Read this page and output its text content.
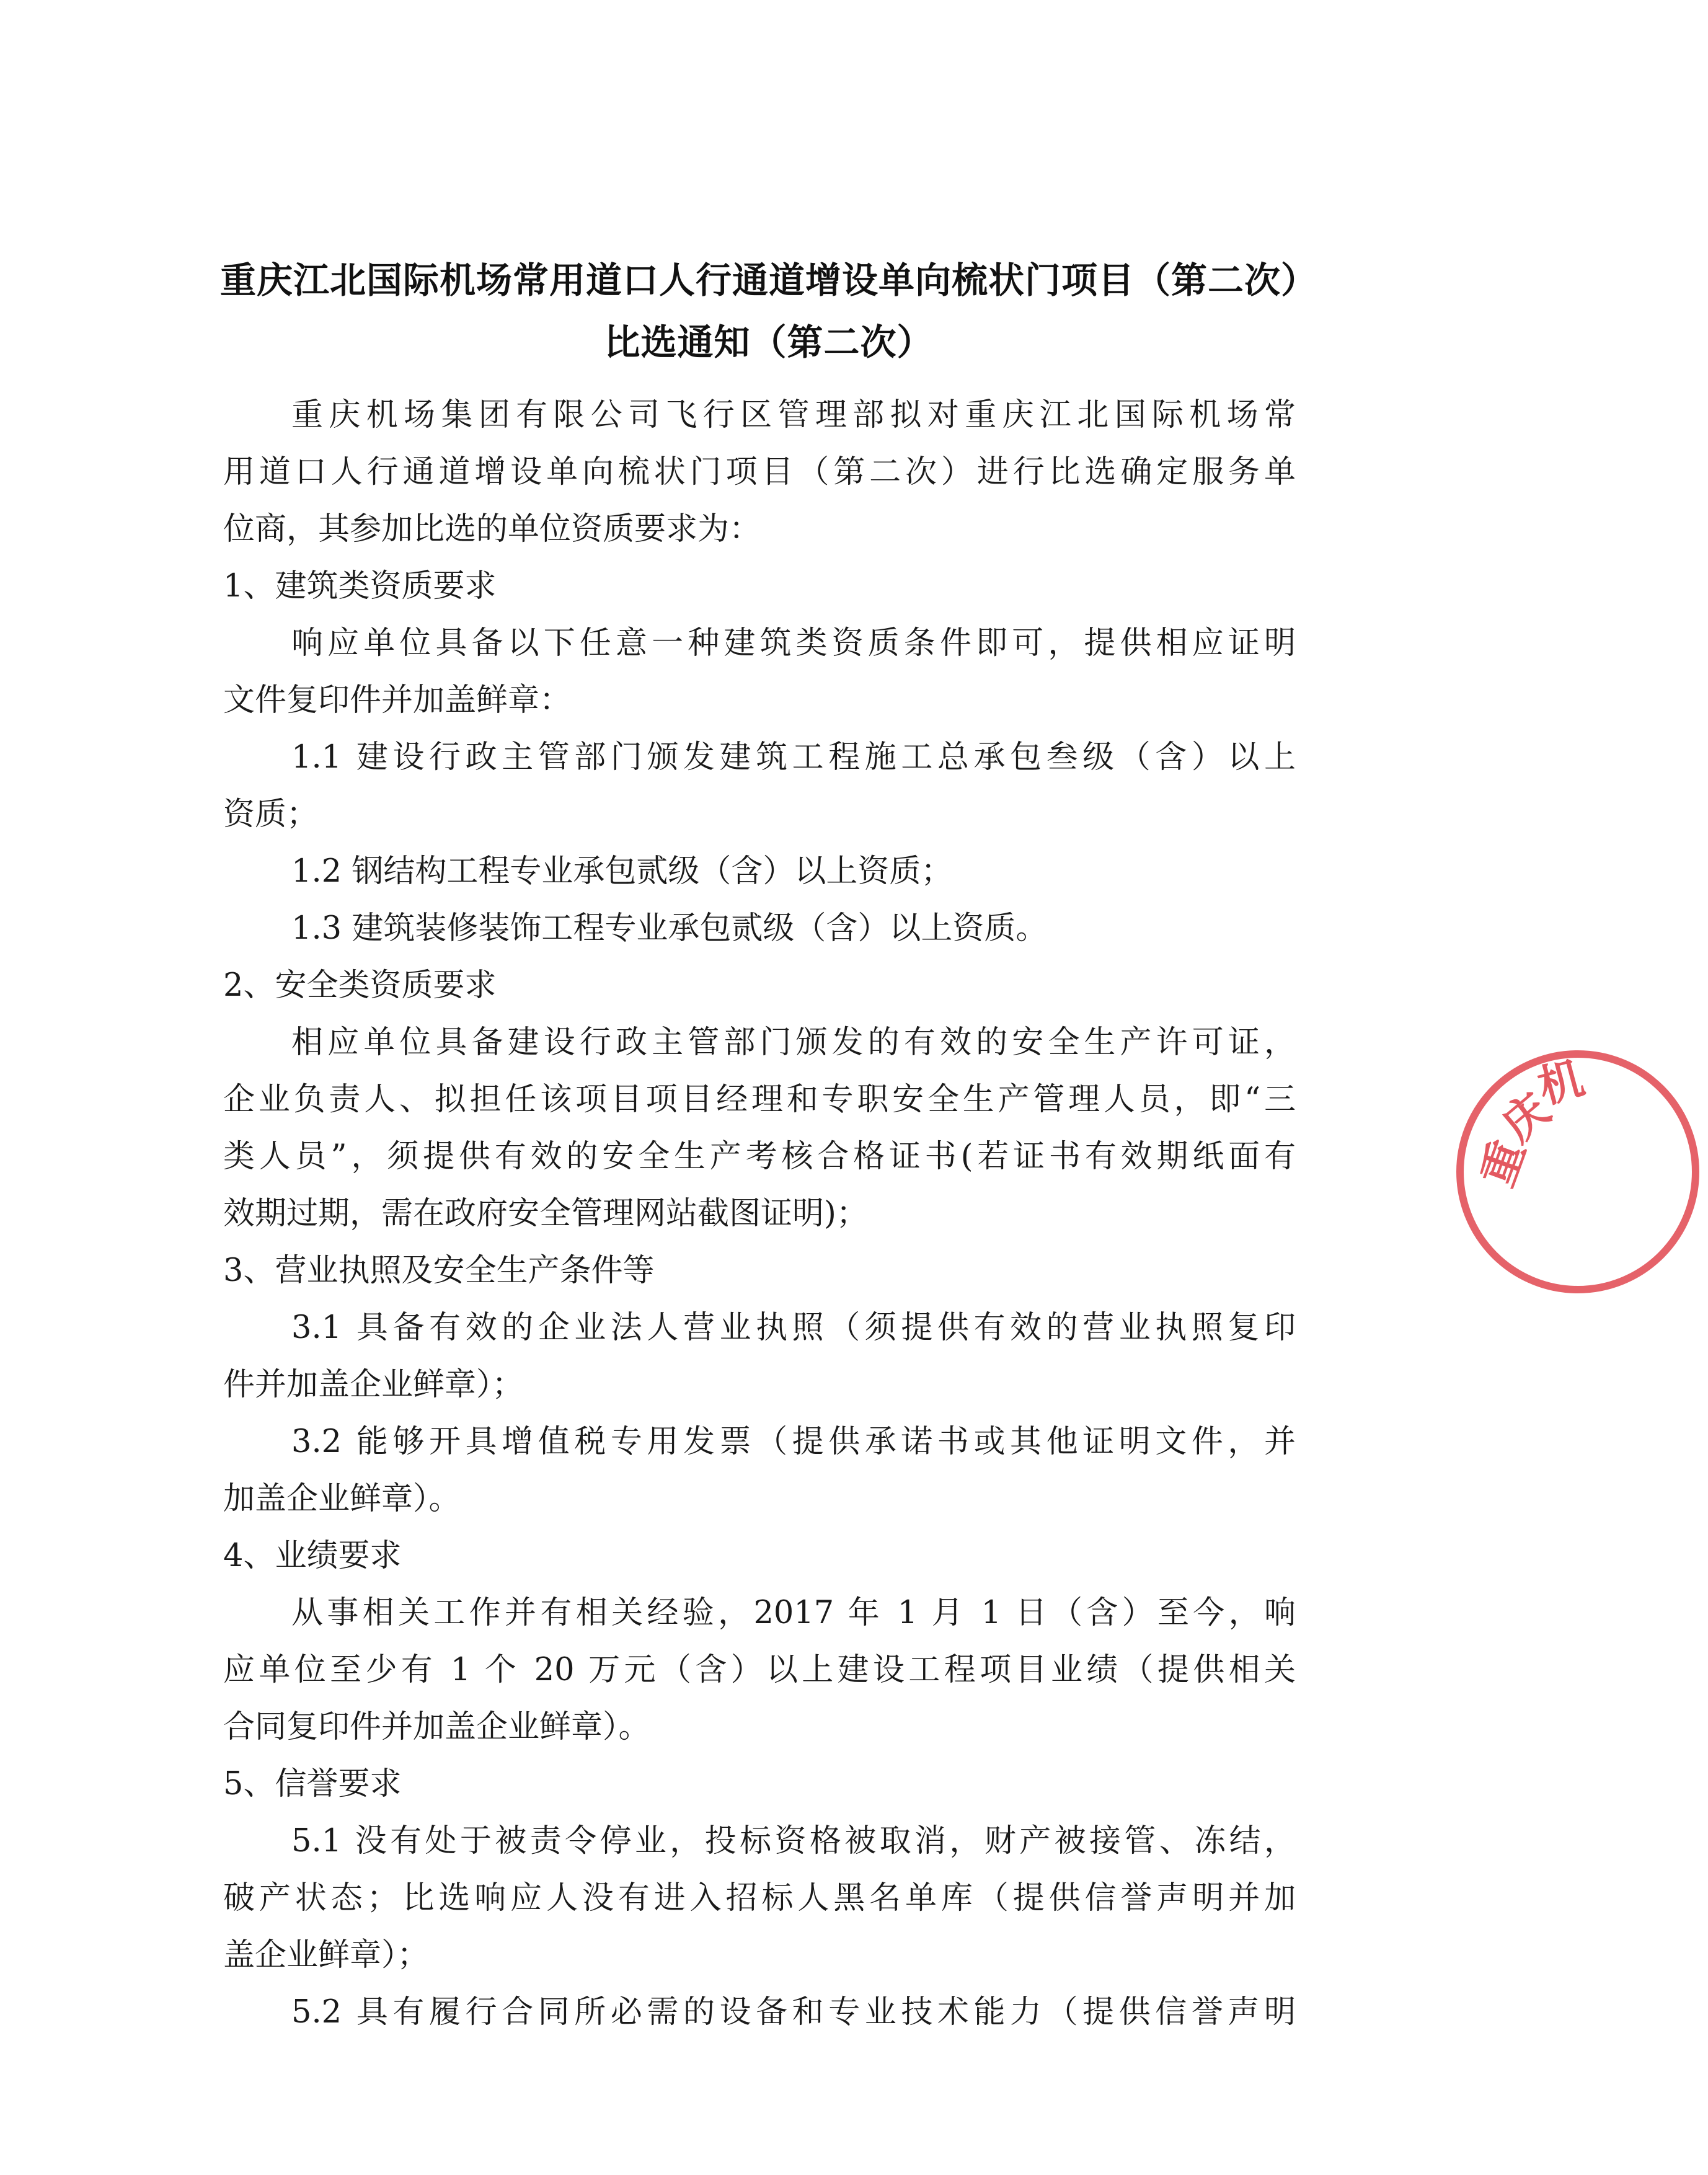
重庆江北国际机场常用道口人行通道增设单向梳状门项目（第二次）
比选通知（第二次）

重庆机场集团有限公司飞行区管理部拟对重庆江北国际机场常

用道口人行通道增设单向梳状门项目（第二次）进行比选确定服务单

位商，其参加比选的单位资质要求为：

1、建筑类资质要求

响应单位具备以下任意一种建筑类资质条件即可，提供相应证明

文件复印件并加盖鲜章：

1.1 建设行政主管部门颁发建筑工程施工总承包叁级（含）以上

资质；

1.2 钢结构工程专业承包贰级（含）以上资质；

1.3 建筑装修装饰工程专业承包贰级（含）以上资质。

2、安全类资质要求

相应单位具备建设行政主管部门颁发的有效的安全生产许可证，

企业负责人、拟担任该项目项目经理和专职安全生产管理人员，即“三

类人员”，须提供有效的安全生产考核合格证书(若证书有效期纸面有

效期过期，需在政府安全管理网站截图证明)；

3、营业执照及安全生产条件等

3.1 具备有效的企业法人营业执照（须提供有效的营业执照复印

件并加盖企业鲜章）；

3.2 能够开具增值税专用发票（提供承诺书或其他证明文件，并

加盖企业鲜章）。

4、业绩要求

从事相关工作并有相关经验，2017 年 1 月 1 日（含）至今，响

应单位至少有 1 个 20 万元（含）以上建设工程项目业绩（提供相关

合同复印件并加盖企业鲜章）。

5、信誉要求

5.1 没有处于被责令停业，投标资格被取消，财产被接管、冻结，

破产状态；比选响应人没有进入招标人黑名单库（提供信誉声明并加

盖企业鲜章）；

5.2 具有履行合同所必需的设备和专业技术能力（提供信誉声明

重
庆
机
